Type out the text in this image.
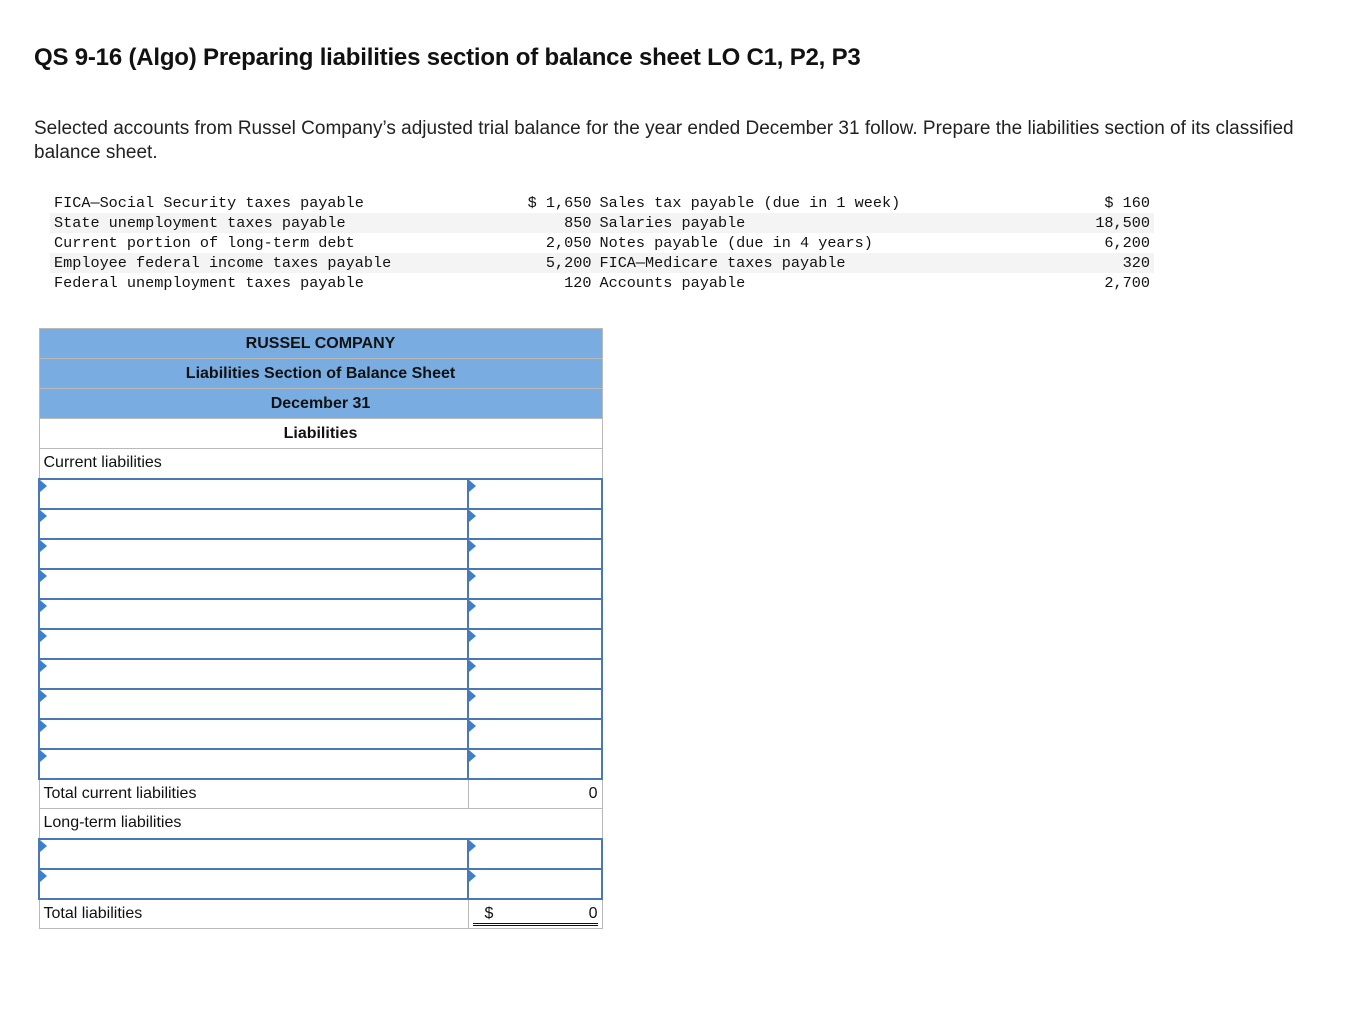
QS 9-16 (Algo) Preparing liabilities section of balance sheet LO C1, P2, P3
Selected accounts from Russel Company’s adjusted trial balance for the year ended December 31 follow. Prepare the liabilities section of its classified balance sheet.
FICA—Social Security taxes payable	$ 1,650	Sales tax payable (due in 1 week)	$ 160
State unemployment taxes payable	850	Salaries payable	18,500
Current portion of long-term debt	2,050	Notes payable (due in 4 years)	6,200
Employee federal income taxes payable	5,200	FICA—Medicare taxes payable	320
Federal unemployment taxes payable	120	Accounts payable	2,700
RUSSEL COMPANY	
Liabilities Section of Balance Sheet	
December 31	
Liabilities	
Current liabilities	

Total current liabilities	0
Long-term liabilities	

Total liabilities	$ 0
